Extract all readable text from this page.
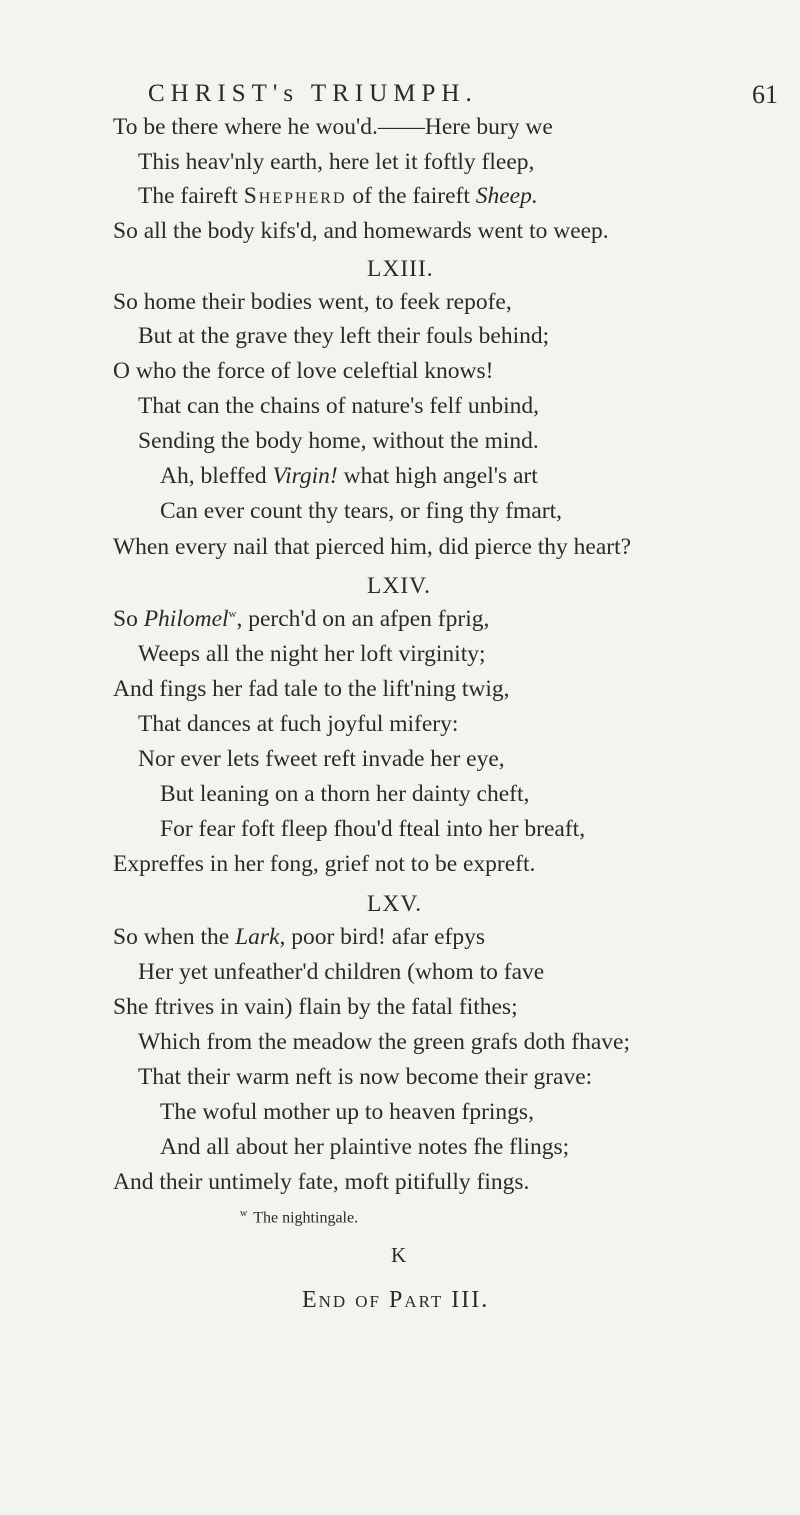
CHRIST's TRIUMPH.	61
To be there where he wou'd.——Here bury we
This heav'nly earth, here let it foftly fleep,
The faireft Shepherd of the faireft Sheep.
So all the body kifs'd, and homewards went to weep.
LXIII.
So home their bodies went, to feek repofe,
But at the grave they left their fouls behind;
O who the force of love celeftial knows!
That can the chains of nature's felf unbind,
Sending the body home, without the mind.
Ah, bleffed Virgin! what high angel's art
Can ever count thy tears, or fing thy fmart,
When every nail that pierced him, did pierce thy heart?
LXIV.
So Philomel$^w$, perch'd on an afpen fprig,
Weeps all the night her loft virginity;
And fings her fad tale to the lift'ning twig,
That dances at fuch joyful mifery:
Nor ever lets fweet reft invade her eye,
But leaning on a thorn her dainty cheft,
For fear foft fleep fhou'd fteal into her breaft,
Expreffes in her fong, grief not to be expreft.
LXV.
So when the Lark, poor bird! afar efpys
Her yet unfeather'd children (whom to fave
She ftrives in vain) flain by the fatal fithes;
Which from the meadow the green grafs doth fhave;
That their warm neft is now become their grave:
The woful mother up to heaven fprings,
And all about her plaintive notes fhe flings;
And their untimely fate, moft pitifully fings.
$^w$ The nightingale.
K
End of Part III.
